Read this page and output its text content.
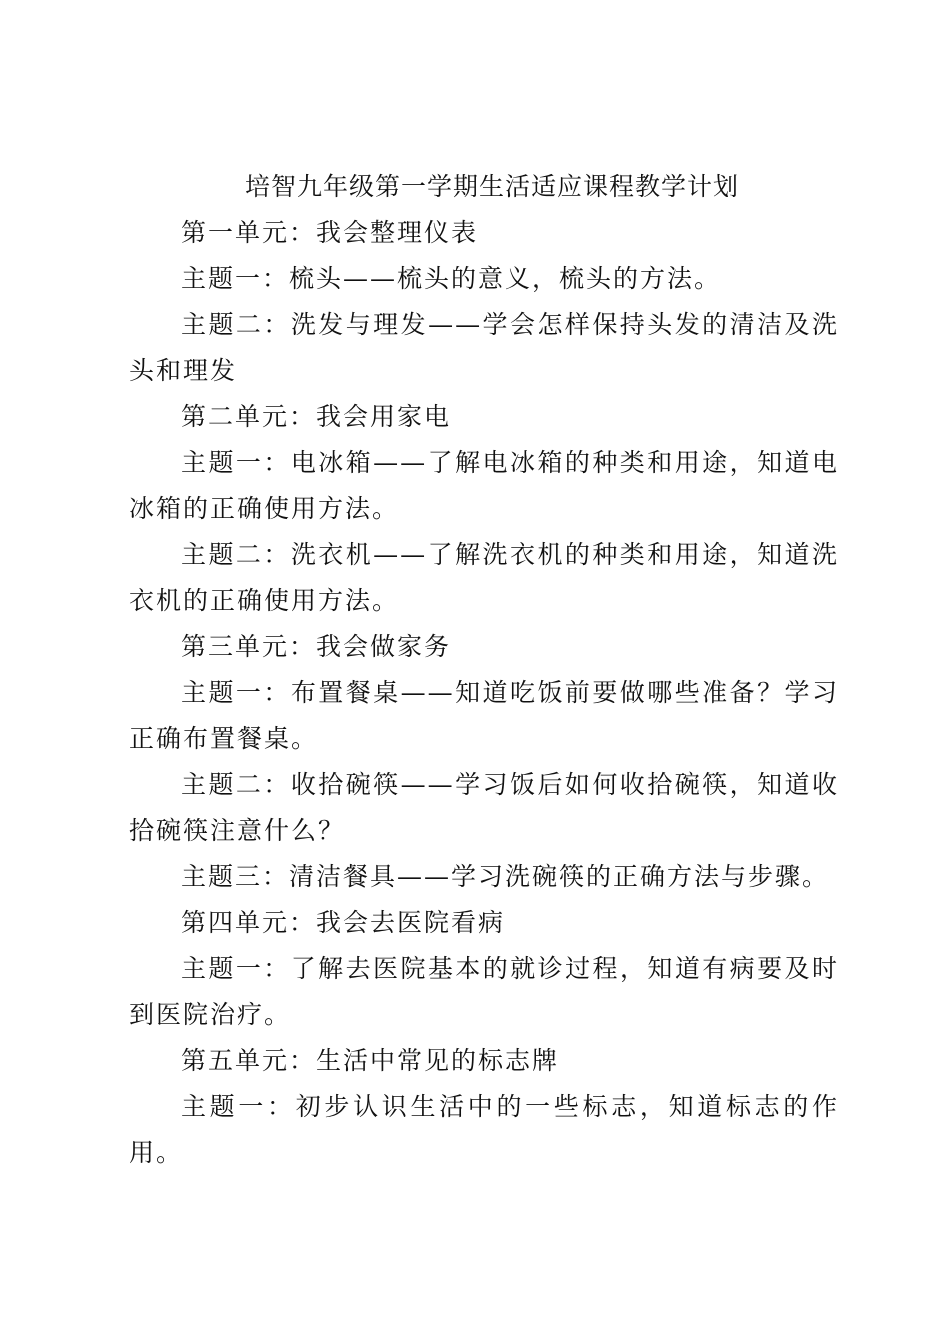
培智九年级第一学期生活适应课程教学计划

第一单元：我会整理仪表

主题一：梳头——梳头的意义，梳头的方法。

主题二：洗发与理发——学会怎样保持头发的清洁及洗头和理发

第二单元：我会用家电

主题一：电冰箱——了解电冰箱的种类和用途，知道电冰箱的正确使用方法。

主题二：洗衣机——了解洗衣机的种类和用途，知道洗衣机的正确使用方法。

第三单元：我会做家务

主题一：布置餐桌——知道吃饭前要做哪些准备？学习正确布置餐桌。

主题二：收拾碗筷——学习饭后如何收拾碗筷，知道收拾碗筷注意什么？

主题三：清洁餐具——学习洗碗筷的正确方法与步骤。

第四单元：我会去医院看病

主题一：了解去医院基本的就诊过程，知道有病要及时到医院治疗。

第五单元：生活中常见的标志牌

主题一：初步认识生活中的一些标志，知道标志的作用。
